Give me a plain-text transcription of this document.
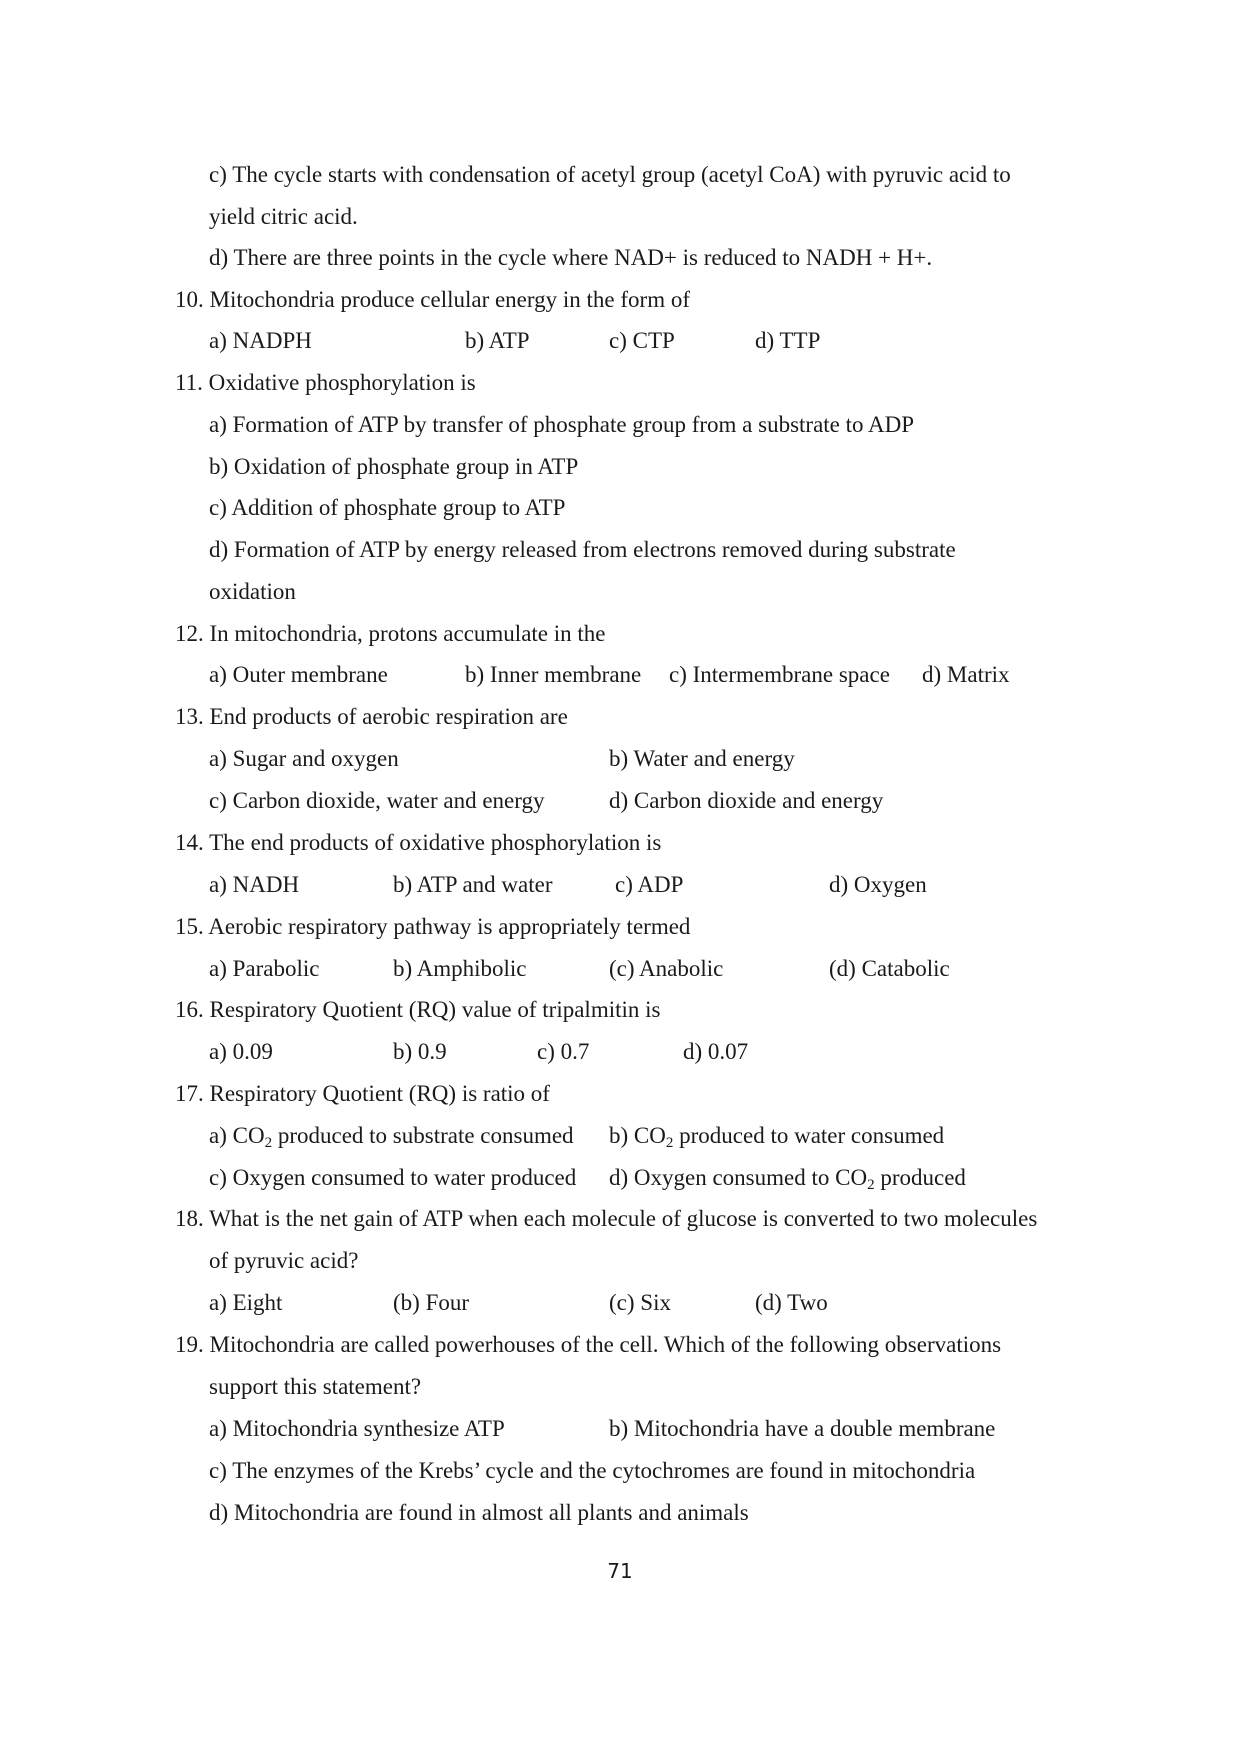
c) The cycle starts with condensation of acetyl group (acetyl CoA) with pyruvic acid to
yield citric acid.
d) There are three points in the cycle where NAD+ is reduced to NADH + H+.
10. Mitochondria produce cellular energy in the form of
a) NADPH	b) ATP	c) CTP	d) TTP
11. Oxidative phosphorylation is
a) Formation of ATP by transfer of phosphate group from a substrate to ADP
b) Oxidation of phosphate group in ATP
c) Addition of phosphate group to ATP
d) Formation of ATP by energy released from electrons removed during substrate
oxidation
12. In mitochondria, protons accumulate in the
a) Outer membrane	b) Inner membrane c) Intermembrane space d) Matrix
13. End products of aerobic respiration are
a) Sugar and oxygen	b) Water and energy
c) Carbon dioxide, water and energy	d) Carbon dioxide and energy
14. The end products of oxidative phosphorylation is
a) NADH	b) ATP and water	c) ADP	d) Oxygen
15. Aerobic respiratory pathway is appropriately termed
a) Parabolic	b) Amphibolic	(c) Anabolic	(d) Catabolic
16. Respiratory Quotient (RQ) value of tripalmitin is
a) 0.09	b) 0.9	c) 0.7	d) 0.07
17. Respiratory Quotient (RQ) is ratio of
a) $CO_2$ produced to substrate consumed b) $CO_2$ produced to water consumed
c) Oxygen consumed to water produced d) Oxygen consumed to $CO_2$ produced
18. What is the net gain of ATP when each molecule of glucose is converted to two molecules
of pyruvic acid?
a) Eight	(b) Four	(c) Six	(d) Two
19. Mitochondria are called powerhouses of the cell. Which of the following observations
support this statement?
a) Mitochondria synthesize ATP	b) Mitochondria have a double membrane
c) The enzymes of the Krebs’ cycle and the cytochromes are found in mitochondria
d) Mitochondria are found in almost all plants and animals
71
